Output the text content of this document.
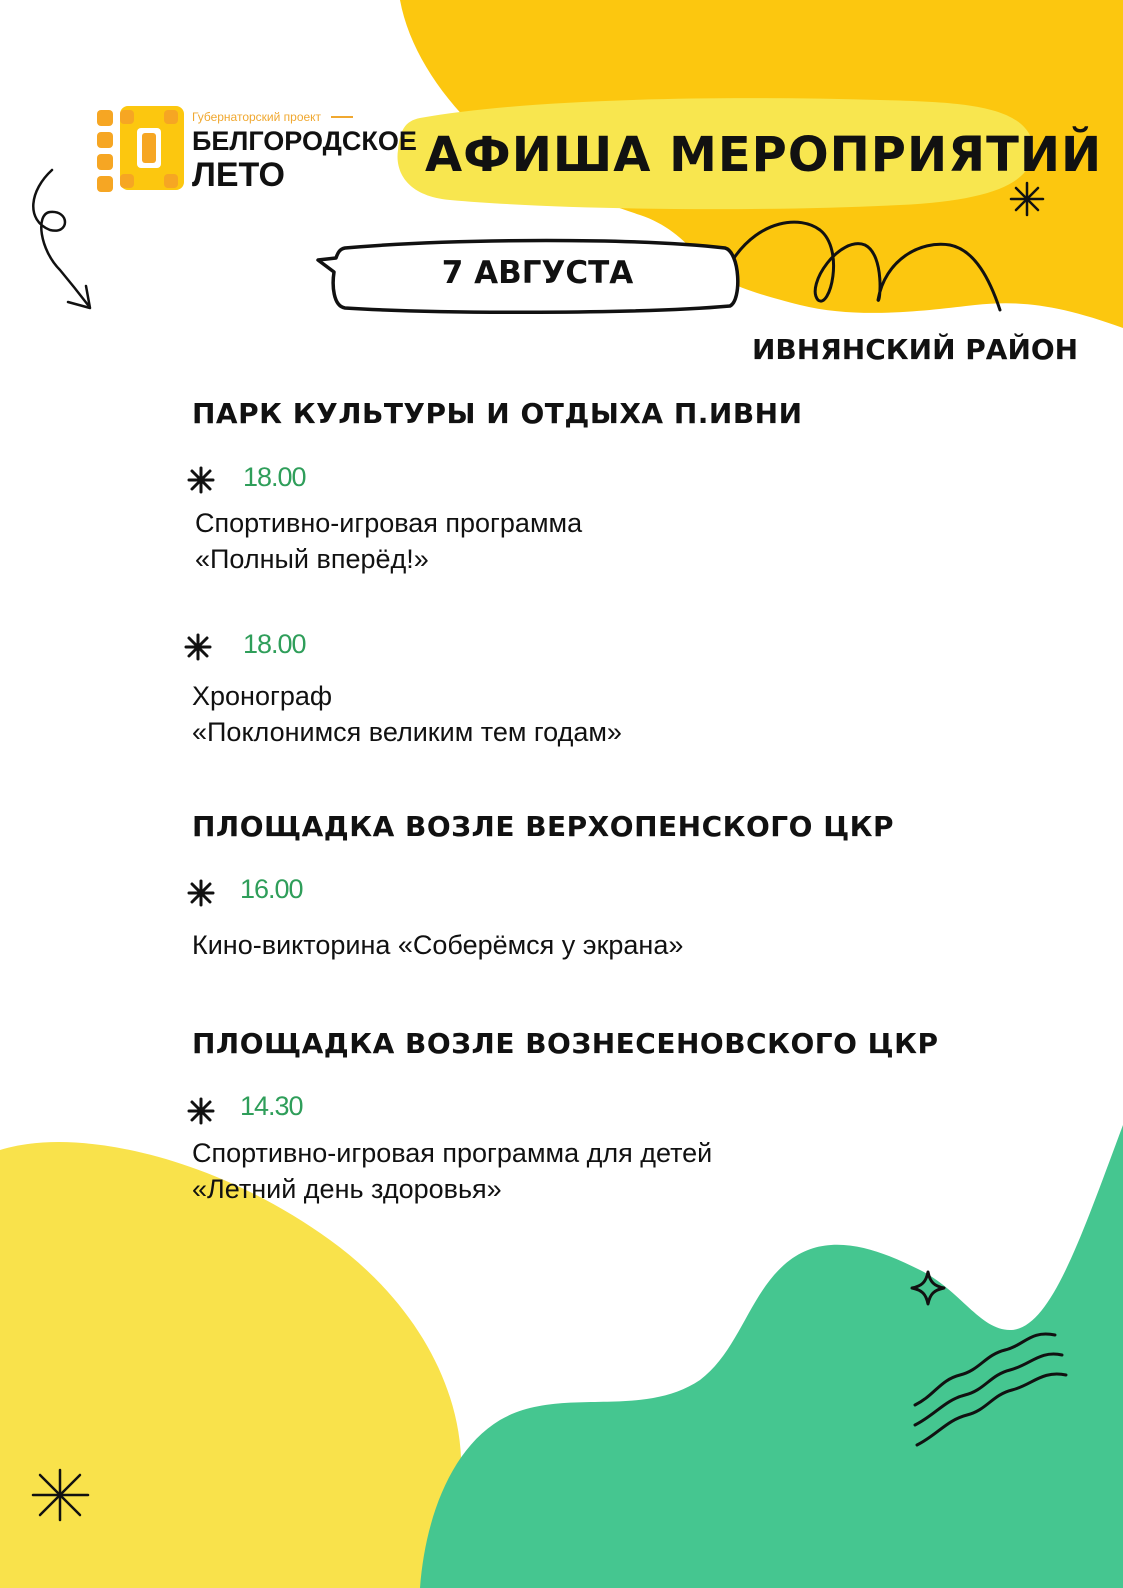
Губернаторский проект
БЕЛГОРОДСКОЕ
ЛЕТО	АФИША МЕРОПРИЯТИЙ
7 АВГУСТА
ИВНЯНСКИЙ РАЙОН
ПАРК КУЛЬТУРЫ И ОТДЫХА П.ИВНИ
18.00
Спортивно-игровая программа
«Полный вперёд!»
18.00
Хронограф
«Поклонимся великим тем годам»
ПЛОЩАДКА ВОЗЛЕ ВЕРХОПЕНСКОГО ЦКР
16.00
Кино-викторина «Соберёмся у экрана»
ПЛОЩАДКА ВОЗЛЕ ВОЗНЕСЕНОВСКОГО ЦКР
14.30
Спортивно-игровая программа для детей
«Летний день здоровья»
